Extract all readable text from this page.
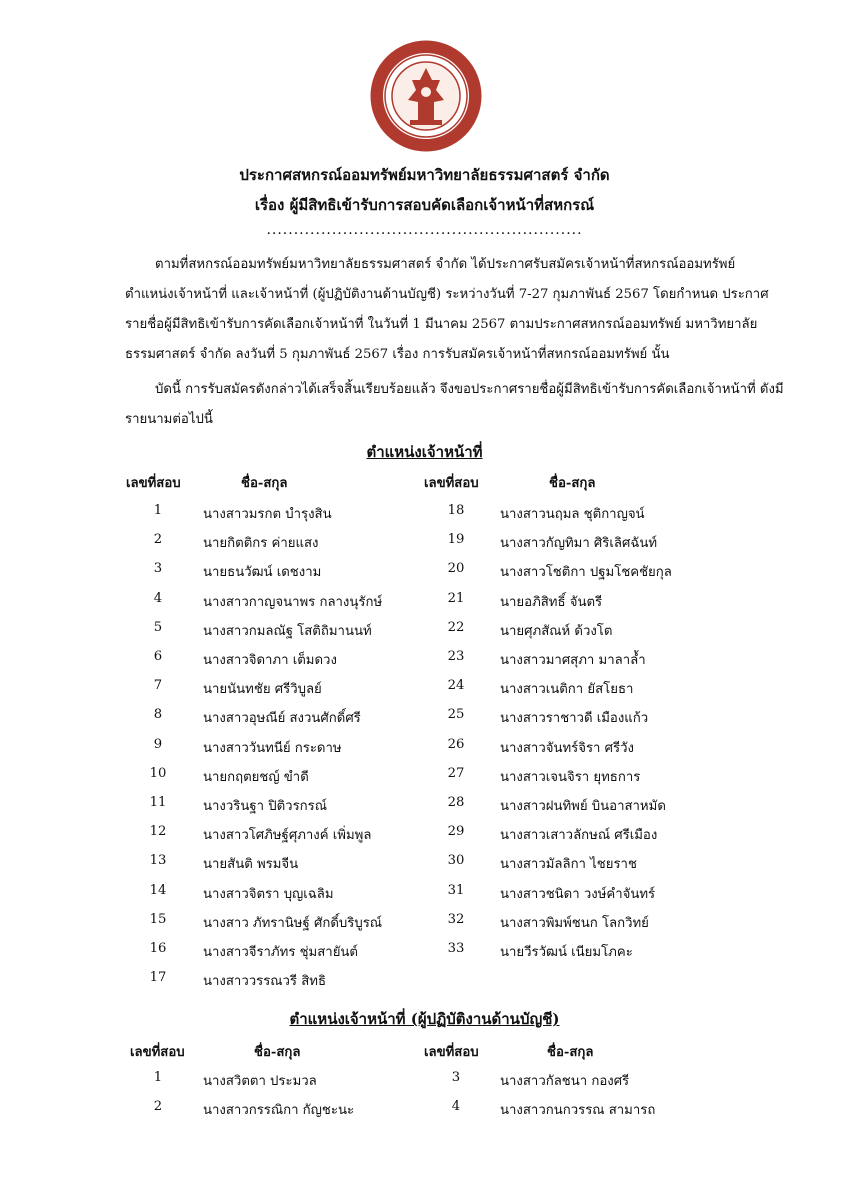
ประกาศสหกรณ์ออมทรัพย์มหาวิทยาลัยธรรมศาสตร์ จำกัด
เรื่อง ผู้มีสิทธิเข้ารับการสอบคัดเลือกเจ้าหน้าที่สหกรณ์
..........................................................
ตามที่สหกรณ์ออมทรัพย์มหาวิทยาลัยธรรมศาสตร์ จำกัด ได้ประกาศรับสมัครเจ้าหน้าที่สหกรณ์ออมทรัพย์ ตำแหน่งเจ้าหน้าที่ และเจ้าหน้าที่ (ผู้ปฏิบัติงานด้านบัญชี) ระหว่างวันที่ 7-27 กุมภาพันธ์ 2567 โดยกำหนด ประกาศรายชื่อผู้มีสิทธิเข้ารับการคัดเลือกเจ้าหน้าที่ ในวันที่ 1 มีนาคม 2567 ตามประกาศสหกรณ์ออมทรัพย์ มหาวิทยาลัยธรรมศาสตร์ จำกัด ลงวันที่ 5 กุมภาพันธ์ 2567 เรื่อง การรับสมัครเจ้าหน้าที่สหกรณ์ออมทรัพย์ นั้น
บัดนี้ การรับสมัครดังกล่าวได้เสร็จสิ้นเรียบร้อยแล้ว จึงขอประกาศรายชื่อผู้มีสิทธิเข้ารับการคัดเลือกเจ้าหน้าที่ ดังมีรายนามต่อไปนี้
ตำแหน่งเจ้าหน้าที่
เลขที่สอบ	ชื่อ-สกุล	เลขที่สอบ	ชื่อ-สกุล
1	นางสาวมรกต บำรุงสิน	18	นางสาวนฤมล ชุติกาญจน์
2	นายกิตติกร ค่ายแสง	19	นางสาวกัญทิมา ศิริเลิศฉันท์
3	นายธนวัฒน์ เดชงาม	20	นางสาวโชติกา ปฐมโชคชัยกุล
4	นางสาวกาญจนาพร กลางนุรักษ์	21	นายอภิสิทธิ์ จันตรี
5	นางสาวกมลณัฐ โสติถิมานนท์	22	นายศุภสัณห์ ด้วงโต
6	นางสาวจิดาภา เต็มดวง	23	นางสาวมาศสุภา มาลาล้ำ
7	นายนันทชัย ศรีวิบูลย์	24	นางสาวเนติกา ยัสโยธา
8	นางสาวอุษณีย์ สงวนศักดิ์ศรี	25	นางสาวราชาวดี เมืองแก้ว
9	นางสาววันทนีย์ กระดาษ	26	นางสาวจันทร์จิรา ศรีวัง
10	นายกฤตยชญ์ ขำดี	27	นางสาวเจนจิรา ยุทธการ
11	นางวรินฐา ปิติวรกรณ์	28	นางสาวฝนทิพย์ บินอาสาหมัด
12	นางสาวโศภิษฐ์ศุภางค์ เพิ่มพูล	29	นางสาวเสาวลักษณ์ ศรีเมือง
13	นายสันติ พรมจีน	30	นางสาวมัลลิกา ไชยราช
14	นางสาวจิตรา บุญเฉลิม	31	นางสาวชนิดา วงษ์คำจันทร์
15	นางสาว ภัทรานิษฐ์ ศักดิ์บริบูรณ์	32	นางสาวพิมพ์ชนก โลกวิทย์
16	นางสาวจีราภัทร ชุ่มสายันต์	33	นายวีรวัฒน์ เนียมโภคะ
17	นางสาววรรณวรี สิทธิ
ตำแหน่งเจ้าหน้าที่ (ผู้ปฏิบัติงานด้านบัญชี)
เลขที่สอบ	ชื่อ-สกุล	เลขที่สอบ	ชื่อ-สกุล
1	นางสวิตตา ประมวล	3	นางสาวกัลชนา กองศรี
2	นางสาวกรรณิกา กัญชะนะ	4	นางสาวกนกวรรณ สามารถ
